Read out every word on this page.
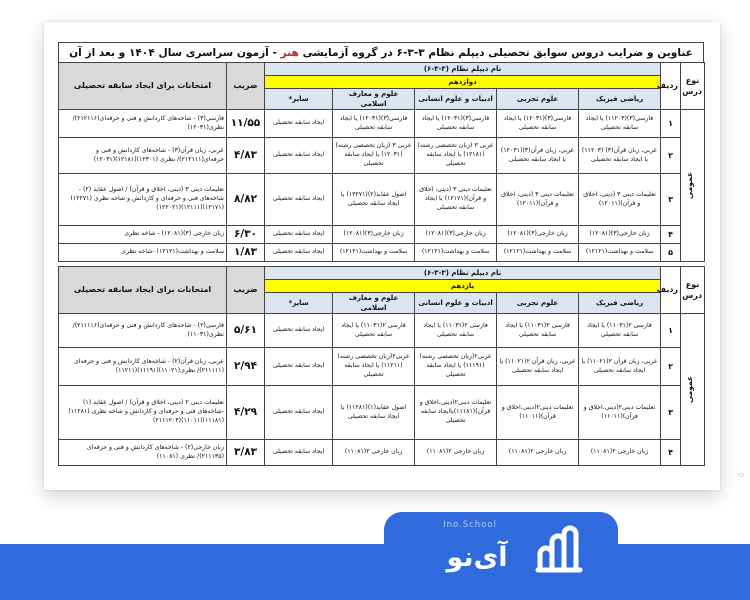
عناوین و ضرایب دروس سوابق تحصیلی دیپلم نظام ۳-۳-۶ در گروه آزمایشی هنر - آزمون سراسری سال ۱۴۰۴ و بعد از آن
نوع درس	ردیف	نام دیپلم نظام (۳-۳-۶)					ضریب	امتحانات برای ایجاد سابقه تحصیلی
		دوازدهم						
		ریاضی فیزیک	علوم تجربی	ادبیات و علوم انسانی	علوم و معارف اسلامی	سایر*		
عمومی	۱	فارسی(۳)(۱۱۲۰۳) یا ایجاد سابقه تحصیلی	فارسی(۳)(۱۲۰۳۱) یا ایجاد سابقه تحصیلی	فارسی(۳)(۱۲۰۳۱) یا ایجاد سابقه تحصیلی	فارسی(۳)(۱۲۰۳۱) یا ایجاد سابقه تحصیلی	ایجاد سابقه تحصیلی	۱۱/۵۵	فارسی(۳) - شاخه‌های کاردانش و فنی و حرفه‌ای(۲۱۲۱۱۶)/ نظری(۱۲۰۳۱)
	۲	عربی، زبان قرآن(۳) (۱۱۲۰۳) یا ایجاد سابقه تحصیلی	عربی، زبان قرآن(۳)(۱۲۰۳۱) یا ایجاد سابقه تحصیلی	عربی ۳ (زبان تخصصی رشته)(۱۲۱۸۱) یا ایجاد سابقه تحصیلی	عربی ۳ (زبان تخصصی رشته)(۱۲۰۳۱) یا ایجاد سابقه تحصیلی	ایجاد سابقه تحصیلی	۴/۸۳	عربی، زبان قرآن(۳) - شاخه‌های کاردانش و فنی و حرفه‌ای(۲۱۲۱۱۱)/ نظری (۱۲۳۰۱)(۱۲۱۸۱)(۱۲۰۳۱)
	۳	تعلیمات دینی ۳ (دینی، اخلاق و قرآن)(۱۲۰۱۱)	تعلیمات دینی ۳ (دینی، اخلاق و قرآن)(۱۲۰۱۱)	تعلیمات دینی ۳ (دینی، اخلاق و قرآن)(۱۲۱۷۱) یا ایجاد سابقه تحصیلی	اصول عقاید(۲)(۱۲۲۷۱) یا ایجاد سابقه تحصیلی	ایجاد سابقه تحصیلی	۸/۸۲	تعلیمات دینی ۳ (دینی، اخلاق و قرآن) / اصول عقاید (۲) - شاخه‌های فنی و حرفه‌ای و کاردانش و شاخه نظری (۱۲۲۷۱)(۱۲۱۷۱)(۱۲۱۱۱)(۱۲۲۰۲۱)
	۴	زبان خارجی(۳)(۱۲۰۸۱)	زبان خارجی(۳)(۱۲۰۸۱)	زبان خارجی(۳)(۱۲۰۸۱)	زبان خارجی(۳)(۱۲۰۸۱)	ایجاد سابقه تحصیلی	۶/۳۰	زبان خارجی (۳)(۱۲۰۸۱) - شاخه نظری
	۵	سلامت و بهداشت(۱۲۱۲۱)	سلامت و بهداشت(۱۲۱۲۱)	سلامت و بهداشت(۱۲۱۲۱)	سلامت و بهداشت(۱۲۱۲۱)	ایجاد سابقه تحصیلی	۱/۸۳	سلامت و بهداشت(۱۲۱۲۱) -شاخه نظری
نوع درس	ردیف	نام دیپلم نظام (۳-۳-۶)					ضریب	امتحانات برای ایجاد سابقه تحصیلی
		یازدهم						
		ریاضی فیزیک	علوم تجربی	ادبیات و علوم انسانی	علوم و معارف اسلامی	سایر*		
عمومی	۱	فارسی ۲(۱۱۰۳۱) یا ایجاد سابقه تحصیلی	فارسی ۲(۱۱۰۳۱) یا ایجاد سابقه تحصیلی	فارسی ۲(۱۱۰۳۱) یا ایجاد سابقه تحصیلی	فارسی ۲(۱۱۰۳۱) یا ایجاد سابقه تحصیلی	ایجاد سابقه تحصیلی	۵/۶۱	فارسی(۲) - شاخه‌های کاردانش و فنی و حرفه‌ای(۲۱۱۱۱۶)/ نظری(۱۱۰۳۱)
	۲	عربی، زبان قرآن ۲(۱۱۰۲۱) یا ایجاد سابقه تحصیلی	عربی، زبان قرآن ۲(۱۱۰۲۱) یا ایجاد سابقه تحصیلی	عربی۲(زبان تخصصی رشته)(۱۱۱۹۱) یا ایجاد سابقه تحصیلی	عربی۲(زبان تخصصی رشته)(۱۱۲۱۱) یا ایجاد سابقه تحصیلی	ایجاد سابقه تحصیلی	۲/۹۴	عربی، زبان قرآن(۲) - شاخه‌های کاردانش و فنی و حرفه‌ای (۲۱۱۱۱۱)/ نظری(۱۱۰۲۱)(۱۱۱۹۱)(۱۱۲۱۱)
	۳	تعلیمات دینی۲(دینی،اخلاق و قرآن)(۱۱۰۱۱)	تعلیمات دینی۲(دینی،اخلاق و قرآن)(۱۱۰۱۱)	تعلیمات دینی۲(دینی،اخلاق و قرآن)(۱۱۱۸۱)یاایجاد سابقه تحصیلی	اصول عقاید(۱)(۱۱۲۸۱) یا ایجاد سابقه تحصیلی	ایجاد سابقه تحصیلی	۴/۲۹	تعلیمات دینی ۲ (دینی، اخلاق و قرآن) / اصول عقاید (۱) -شاخه‌های فنی و حرفه‌ای و کاردانش و شاخه نظری (۱۱۲۸۱)(۱۱۱۸۱)(۱۱۰۱۱)(۲۱۱۱۲۰۴)
	۴	زبان خارجی ۲(۱۱۰۸۱)	زبان خارجی ۲(۱۱۰۸۱)	زبان خارجی ۲(۱۱۰۸۱)	زبان خارجی ۲(۱۱۰۸۱)	ایجاد سابقه تحصیلی	۳/۸۳	زبان خارجی(۲) - شاخه‌های کاردانش و فنی و حرفه‌ای (۲۱۱۱۳۵)/ نظری (۱۱۰۸۱)
io
Ino.School
آی‌نو
